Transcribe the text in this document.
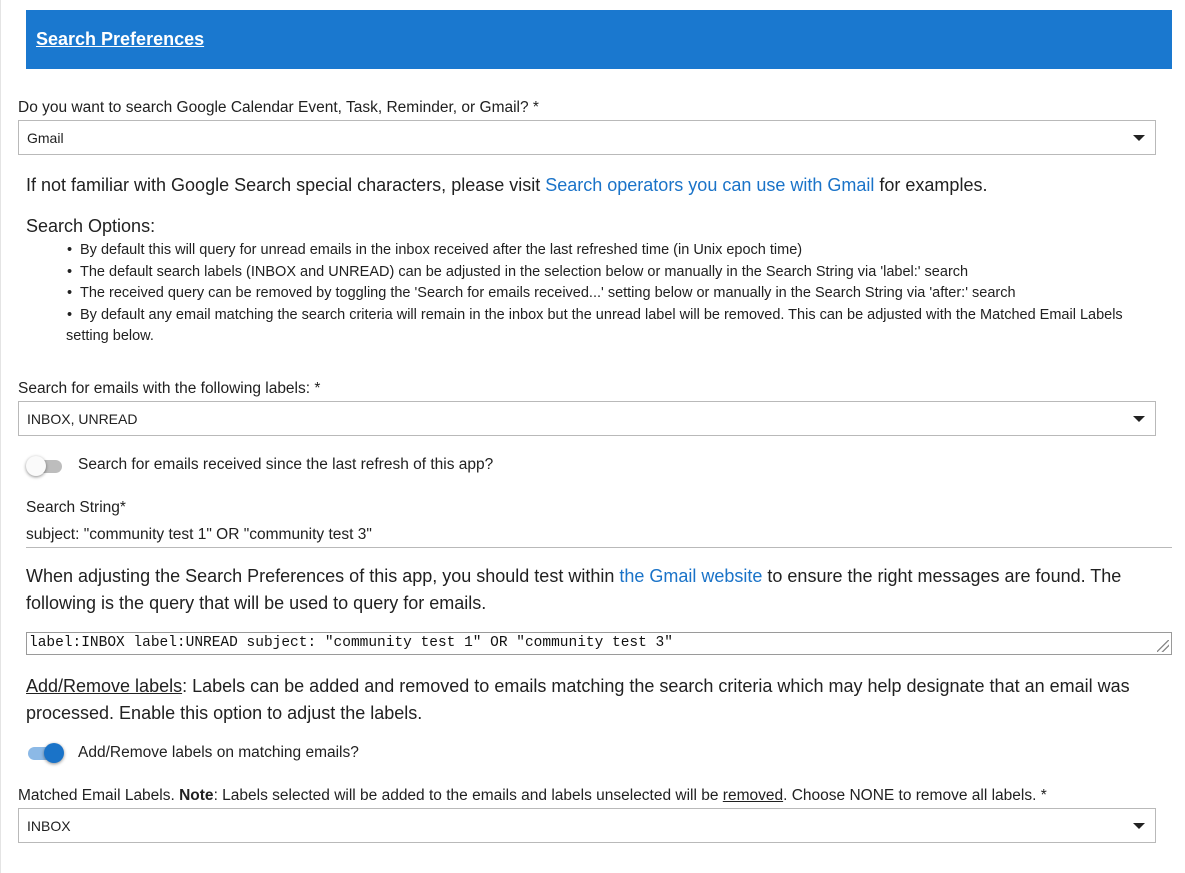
Search Preferences
Do you want to search Google Calendar Event, Task, Reminder, or Gmail? *
Gmail
If not familiar with Google Search special characters, please visit Search operators you can use with Gmail for examples.
Search Options:
• By default this will query for unread emails in the inbox received after the last refreshed time (in Unix epoch time)
• The default search labels (INBOX and UNREAD) can be adjusted in the selection below or manually in the Search String via 'label:' search
• The received query can be removed by toggling the 'Search for emails received...' setting below or manually in the Search String via 'after:' search
• By default any email matching the search criteria will remain in the inbox but the unread label will be removed. This can be adjusted with the Matched Email Labels
setting below.
Search for emails with the following labels: *
INBOX, UNREAD
Search for emails received since the last refresh of this app?
Search String*
subject: "community test 1" OR "community test 3"
When adjusting the Search Preferences of this app, you should test within the Gmail website to ensure the right messages are found. The
following is the query that will be used to query for emails.
label:INBOX label:UNREAD subject: "community test 1" OR "community test 3"
Add/Remove labels: Labels can be added and removed to emails matching the search criteria which may help designate that an email was
processed. Enable this option to adjust the labels.
Add/Remove labels on matching emails?
Matched Email Labels. Note: Labels selected will be added to the emails and labels unselected will be removed. Choose NONE to remove all labels. *
INBOX
